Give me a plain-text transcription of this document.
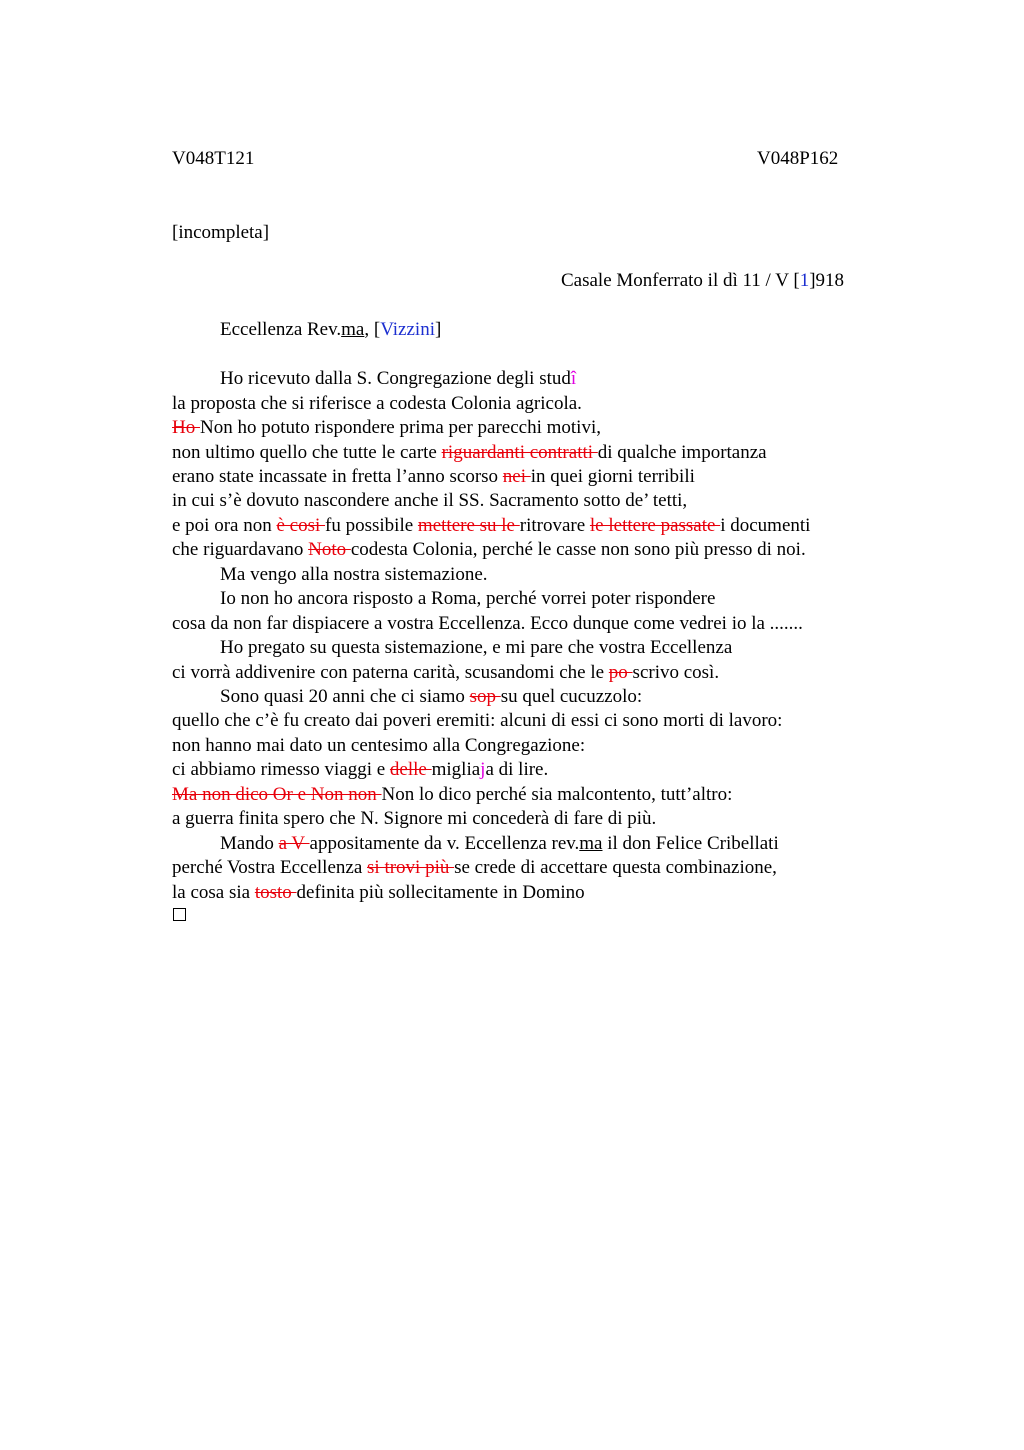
V048T121	V048P162
[incompleta]
Casale Monferrato il dì 11 / V [1]918
Eccellenza Rev.ma, [Vizzini]
Ho ricevuto dalla S. Congregazione degli studî
la proposta che si riferisce a codesta Colonia agricola.
Ho Non ho potuto rispondere prima per parecchi motivi,
non ultimo quello che tutte le carte riguardanti contratti di qualche importanza
erano state incassate in fretta l’anno scorso nei in quei giorni terribili
in cui s’è dovuto nascondere anche il SS. Sacramento sotto de’ tetti,
e poi ora non è cosi fu possibile mettere su le ritrovare le lettere passate i documenti
che riguardavano Noto codesta Colonia, perché le casse non sono più presso di noi.
Ma vengo alla nostra sistemazione.
Io non ho ancora risposto a Roma, perché vorrei poter rispondere
cosa da non far dispiacere a vostra Eccellenza. Ecco dunque come vedrei io la .......
Ho pregato su questa sistemazione, e mi pare che vostra Eccellenza
ci vorrà addivenire con paterna carità, scusandomi che le po scrivo così.
Sono quasi 20 anni che ci siamo sop su quel cucuzzolo:
quello che c’è fu creato dai poveri eremiti: alcuni di essi ci sono morti di lavoro:
non hanno mai dato un centesimo alla Congregazione:
ci abbiamo rimesso viaggi e delle migliaja di lire.
Ma non dico Or e Non non Non lo dico perché sia malcontento, tutt’altro:
a guerra finita spero che N. Signore mi concederà di fare di più.
Mando a V appositamente da v. Eccellenza rev.ma il don Felice Cribellati
perché Vostra Eccellenza si trovi più se crede di accettare questa combinazione,
la cosa sia tosto definita più sollecitamente in Domino
